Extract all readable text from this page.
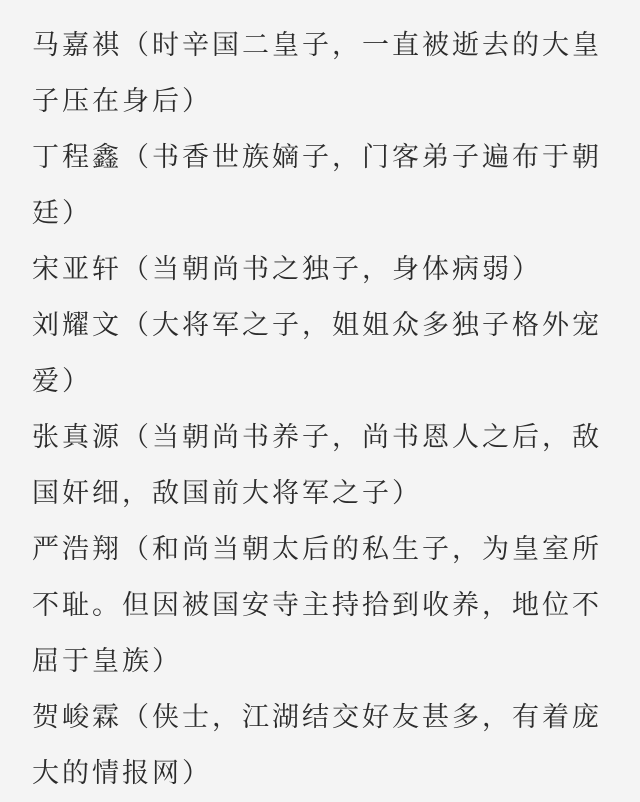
马嘉祺（时辛国二皇子，一直被逝去的大皇子压在身后）

丁程鑫（书香世族嫡子，门客弟子遍布于朝廷）

宋亚轩（当朝尚书之独子，身体病弱）

刘耀文（大将军之子，姐姐众多独子格外宠爱）

张真源（当朝尚书养子，尚书恩人之后，敌国奸细，敌国前大将军之子）

严浩翔（和尚当朝太后的私生子，为皇室所不耻。但因被国安寺主持拾到收养，地位不屈于皇族）

贺峻霖（侠士，江湖结交好友甚多，有着庞大的情报网）
